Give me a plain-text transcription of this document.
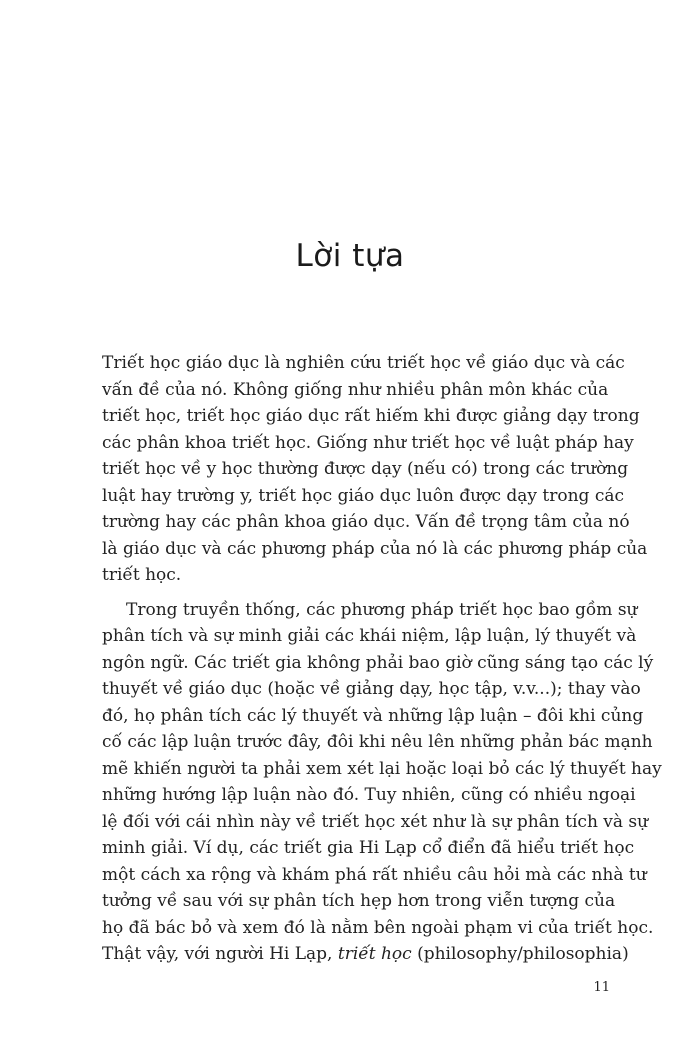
Lời tựa
Triết học giáo dục là nghiên cứu triết học về giáo dục và các
vấn đề của nó. Không giống như nhiều phân môn khác của
triết học, triết học giáo dục rất hiếm khi được giảng dạy trong
các phân khoa triết học. Giống như triết học về luật pháp hay
triết học về y học thường được dạy (nếu có) trong các trường
luật hay trường y, triết học giáo dục luôn được dạy trong các
trường hay các phân khoa giáo dục. Vấn đề trọng tâm của nó
là giáo dục và các phương pháp của nó là các phương pháp của
triết học.
Trong truyền thống, các phương pháp triết học bao gồm sự
phân tích và sự minh giải các khái niệm, lập luận, lý thuyết và
ngôn ngữ. Các triết gia không phải bao giờ cũng sáng tạo các lý
thuyết về giáo dục (hoặc về giảng dạy, học tập, v.v...); thay vào
đó, họ phân tích các lý thuyết và những lập luận – đôi khi củng
cố các lập luận trước đây, đôi khi nêu lên những phản bác mạnh
mẽ khiến người ta phải xem xét lại hoặc loại bỏ các lý thuyết hay
những hướng lập luận nào đó. Tuy nhiên, cũng có nhiều ngoại
lệ đối với cái nhìn này về triết học xét như là sự phân tích và sự
minh giải. Ví dụ, các triết gia Hi Lạp cổ điển đã hiểu triết học
một cách xa rộng và khám phá rất nhiều câu hỏi mà các nhà tư
tưởng về sau với sự phân tích hẹp hơn trong viễn tượng của
họ đã bác bỏ và xem đó là nằm bên ngoài phạm vi của triết học.
Thật vậy, với người Hi Lạp, triết học (philosophy/philosophia)
11
